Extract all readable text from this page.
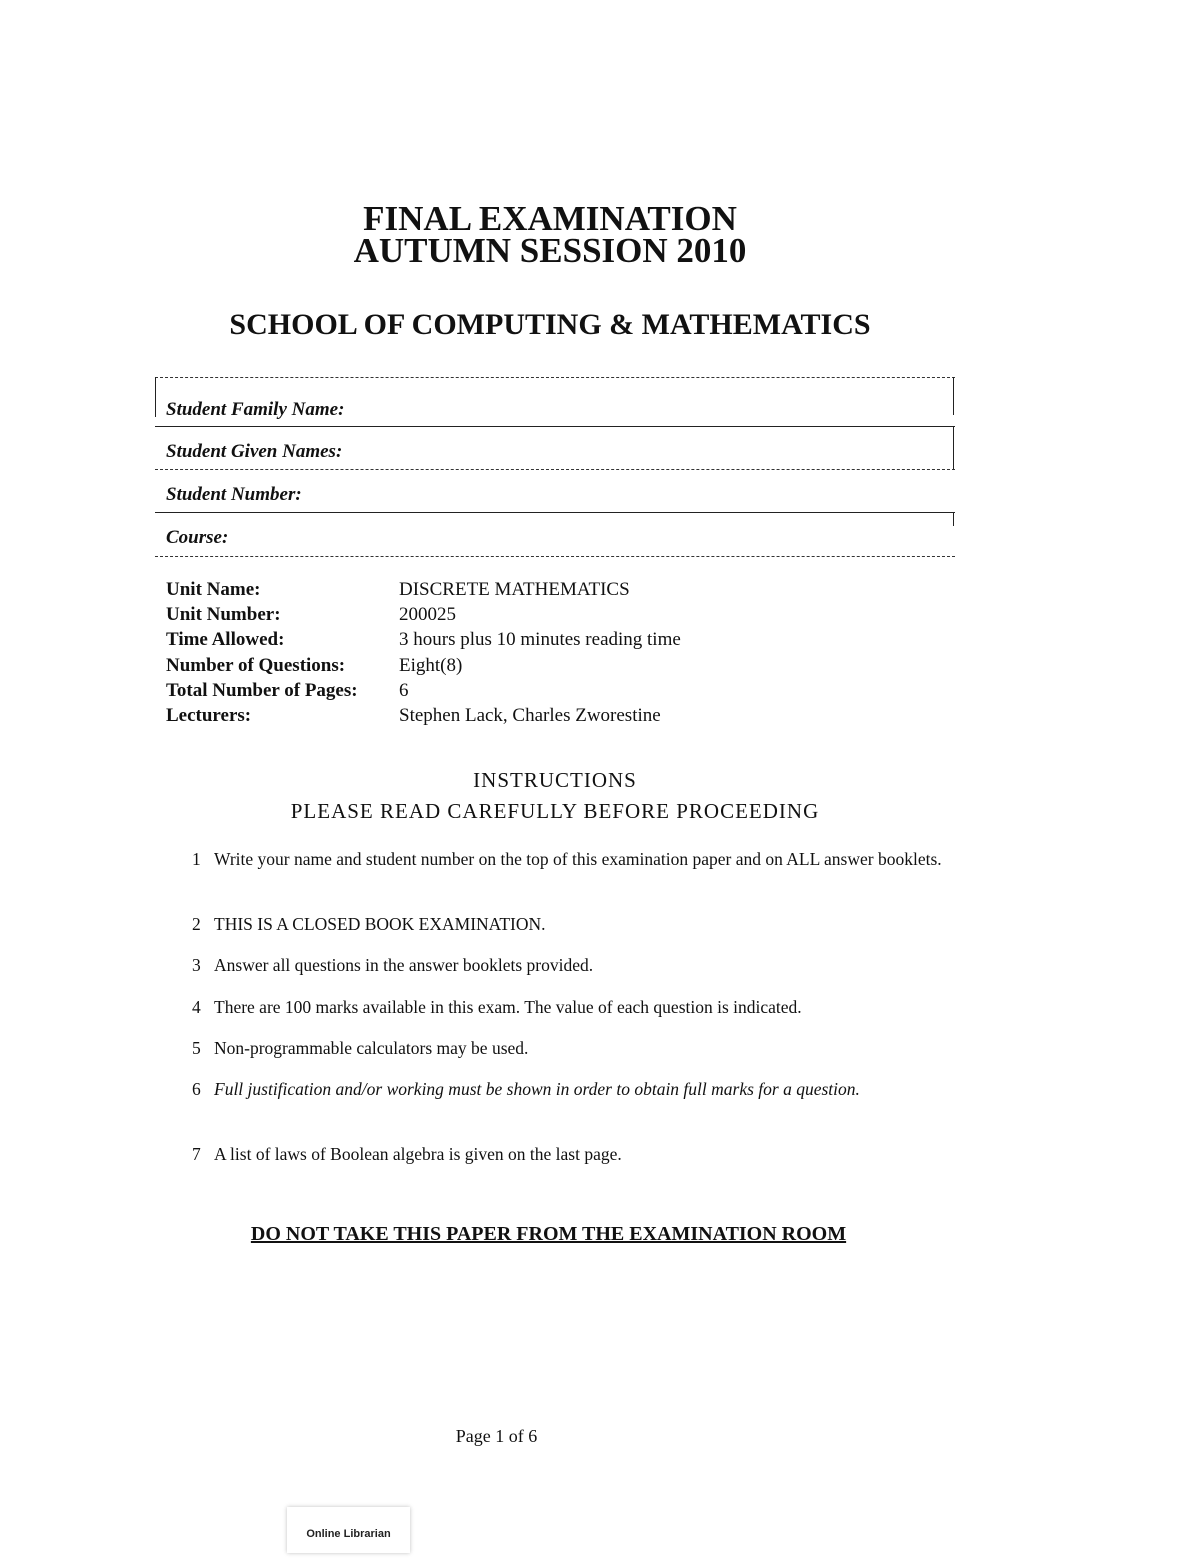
FINAL EXAMINATION
AUTUMN SESSION 2010
SCHOOL OF COMPUTING & MATHEMATICS
Student Family Name:
Student Given Names:
Student Number:
Course:
Unit Name:	DISCRETE MATHEMATICS
Unit Number:	200025
Time Allowed:	3 hours plus 10 minutes reading time
Number of Questions:	Eight(8)
Total Number of Pages: 6
Lecturers:	Stephen Lack, Charles Zworestine
INSTRUCTIONS
PLEASE READ CAREFULLY BEFORE PROCEEDING
1 Write your name and student number on the top of this examination paper and on ALL answer booklets.
2 THIS IS A CLOSED BOOK EXAMINATION.
3 Answer all questions in the answer booklets provided.
4 There are 100 marks available in this exam. The value of each question is indicated.
5 Non-programmable calculators may be used.
6 Full justification and/or working must be shown in order to obtain full marks for a question.
7 A list of laws of Boolean algebra is given on the last page.
DO NOT TAKE THIS PAPER FROM THE EXAMINATION ROOM
Page 1 of 6
Online Librarian
